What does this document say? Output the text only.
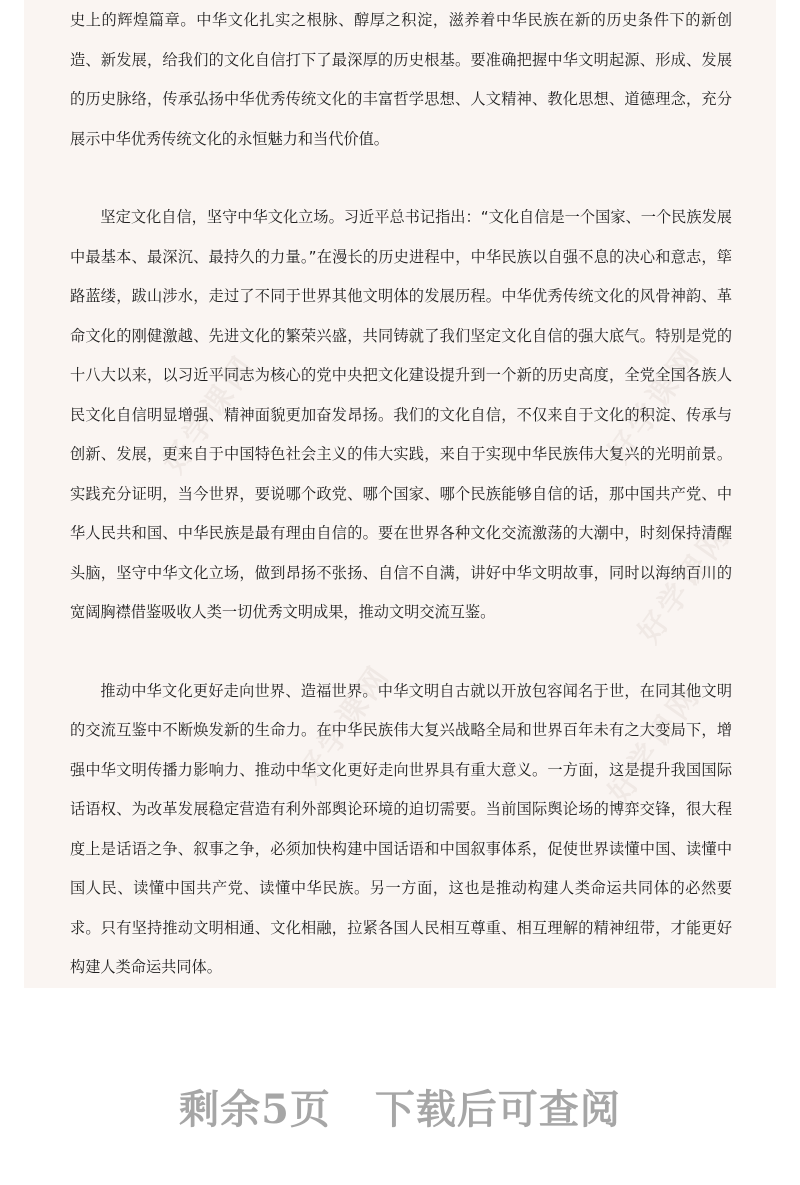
好学课网	好学课网
好学课网
好学课网	好学课网

史上的辉煌篇章。中华文化扎实之根脉、醇厚之积淀，滋养着中华民族在新的历史条件下的新创造、新发展，给我们的文化自信打下了最深厚的历史根基。要准确把握中华文明起源、形成、发展的历史脉络，传承弘扬中华优秀传统文化的丰富哲学思想、人文精神、教化思想、道德理念，充分展示中华优秀传统文化的永恒魅力和当代价值。

坚定文化自信，坚守中华文化立场。习近平总书记指出：“文化自信是一个国家、一个民族发展中最基本、最深沉、最持久的力量。”在漫长的历史进程中，中华民族以自强不息的决心和意志，筚路蓝缕，跋山涉水，走过了不同于世界其他文明体的发展历程。中华优秀传统文化的风骨神韵、革命文化的刚健激越、先进文化的繁荣兴盛，共同铸就了我们坚定文化自信的强大底气。特别是党的十八大以来，以习近平同志为核心的党中央把文化建设提升到一个新的历史高度，全党全国各族人民文化自信明显增强、精神面貌更加奋发昂扬。我们的文化自信，不仅来自于文化的积淀、传承与创新、发展，更来自于中国特色社会主义的伟大实践，来自于实现中华民族伟大复兴的光明前景。实践充分证明，当今世界，要说哪个政党、哪个国家、哪个民族能够自信的话，那中国共产党、中华人民共和国、中华民族是最有理由自信的。要在世界各种文化交流激荡的大潮中，时刻保持清醒头脑，坚守中华文化立场，做到昂扬不张扬、自信不自满，讲好中华文明故事，同时以海纳百川的宽阔胸襟借鉴吸收人类一切优秀文明成果，推动文明交流互鉴。

推动中华文化更好走向世界、造福世界。中华文明自古就以开放包容闻名于世，在同其他文明的交流互鉴中不断焕发新的生命力。在中华民族伟大复兴战略全局和世界百年未有之大变局下，增强中华文明传播力影响力、推动中华文化更好走向世界具有重大意义。一方面，这是提升我国国际话语权、为改革发展稳定营造有利外部舆论环境的迫切需要。当前国际舆论场的博弈交锋，很大程度上是话语之争、叙事之争，必须加快构建中国话语和中国叙事体系，促使世界读懂中国、读懂中国人民、读懂中国共产党、读懂中华民族。另一方面，这也是推动构建人类命运共同体的必然要求。只有坚持推动文明相通、文化相融，拉紧各国人民相互尊重、相互理解的精神纽带，才能更好构建人类命运共同体。

剩余5页 下载后可查阅
